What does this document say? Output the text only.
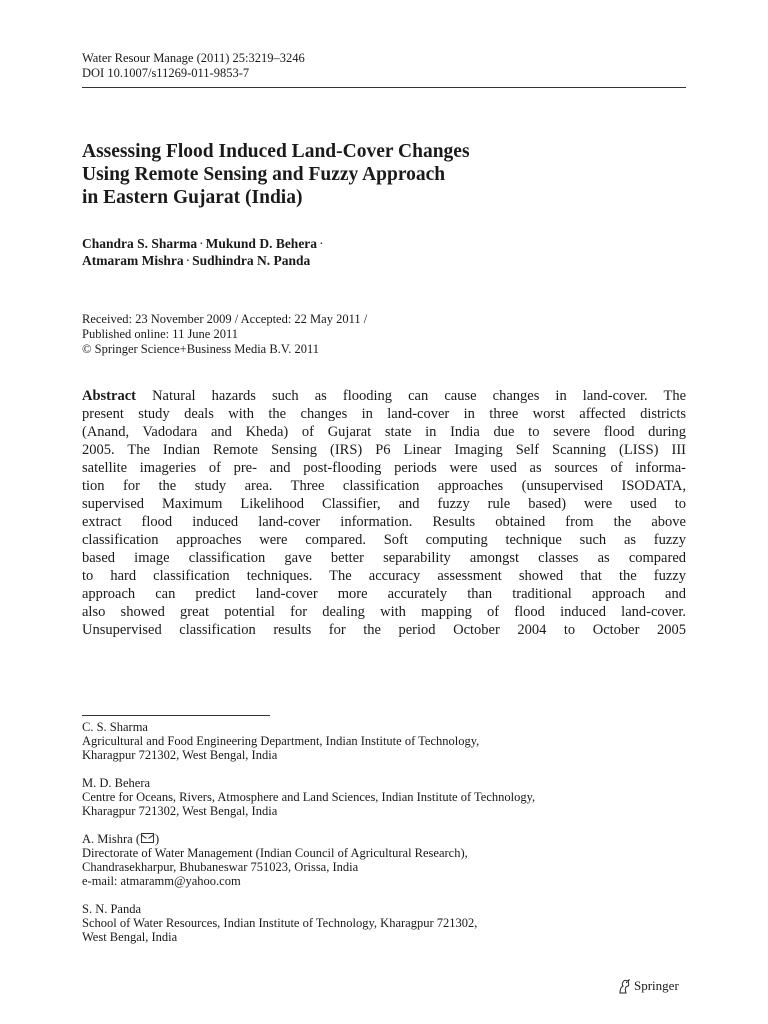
Water Resour Manage (2011) 25:3219–3246
DOI 10.1007/s11269-011-9853-7
Assessing Flood Induced Land-Cover Changes
Using Remote Sensing and Fuzzy Approach
in Eastern Gujarat (India)
Chandra S. Sharma · Mukund D. Behera ·
Atmaram Mishra · Sudhindra N. Panda
Received: 23 November 2009 / Accepted: 22 May 2011 /
Published online: 11 June 2011
© Springer Science+Business Media B.V. 2011
Abstract Natural hazards such as flooding can cause changes in land-cover. The
present study deals with the changes in land-cover in three worst affected districts
(Anand, Vadodara and Kheda) of Gujarat state in India due to severe flood during
2005. The Indian Remote Sensing (IRS) P6 Linear Imaging Self Scanning (LISS) III
satellite imageries of pre- and post-flooding periods were used as sources of informa-
tion for the study area. Three classification approaches (unsupervised ISODATA,
supervised Maximum Likelihood Classifier, and fuzzy rule based) were used to
extract flood induced land-cover information. Results obtained from the above
classification approaches were compared. Soft computing technique such as fuzzy
based image classification gave better separability amongst classes as compared
to hard classification techniques. The accuracy assessment showed that the fuzzy
approach can predict land-cover more accurately than traditional approach and
also showed great potential for dealing with mapping of flood induced land-cover.
Unsupervised classification results for the period October 2004 to October 2005
C. S. Sharma
Agricultural and Food Engineering Department, Indian Institute of Technology,
Kharagpur 721302, West Bengal, India
M. D. Behera
Centre for Oceans, Rivers, Atmosphere and Land Sciences, Indian Institute of Technology,
Kharagpur 721302, West Bengal, India
A. Mishra ( )
Directorate of Water Management (Indian Council of Agricultural Research),
Chandrasekharpur, Bhubaneswar 751023, Orissa, India
e-mail: atmaramm@yahoo.com
S. N. Panda
School of Water Resources, Indian Institute of Technology, Kharagpur 721302,
West Bengal, India
Springer
